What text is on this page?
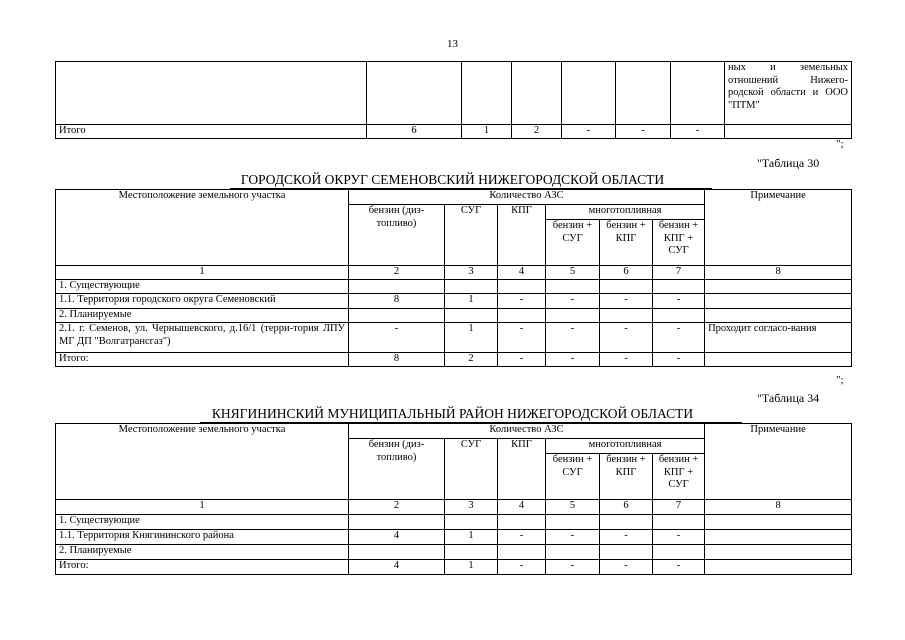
13
							ных и земельных отношений Нижего-родской области и ООО "ПТМ"
Итого	6	1	2	-	-	-	
";
"Таблица 30
ГОРОДСКОЙ ОКРУГ СЕМЕНОВСКИЙ НИЖЕГОРОДСКОЙ ОБЛАСТИ
Местоположение земельного участка	Количество АЗС						Примечание
	бензин (диз-топливо)	СУГ	КПГ	многотопливная			
				бензин + СУГ	бензин + КПГ	бензин + КПГ + СУГ	
1	2	3	4	5	6	7	8
1. Существующие							
1.1. Территория городского округа Семеновский	8	1	-	-	-	-	
2. Планируемые							
2.1. г. Семенов, ул. Чернышевского, д.16/1 (терри-тория ЛПУ МГ ДП "Волгатрансгаз")	-	1	-	-	-	-	Проходит согласо-вания
Итого:	8	2	-	-	-	-	
";
"Таблица 34
КНЯГИНИНСКИЙ МУНИЦИПАЛЬНЫЙ РАЙОН НИЖЕГОРОДСКОЙ ОБЛАСТИ
Местоположение земельного участка	Количество АЗС						Примечание
	бензин (диз-топливо)	СУГ	КПГ	многотопливная			
				бензин + СУГ	бензин + КПГ	бензин + КПГ + СУГ	
1	2	3	4	5	6	7	8
1. Существующие							
1.1. Территория Княгининского района	4	1	-	-	-	-	
2. Планируемые							
Итого:	4	1	-	-	-	-	
